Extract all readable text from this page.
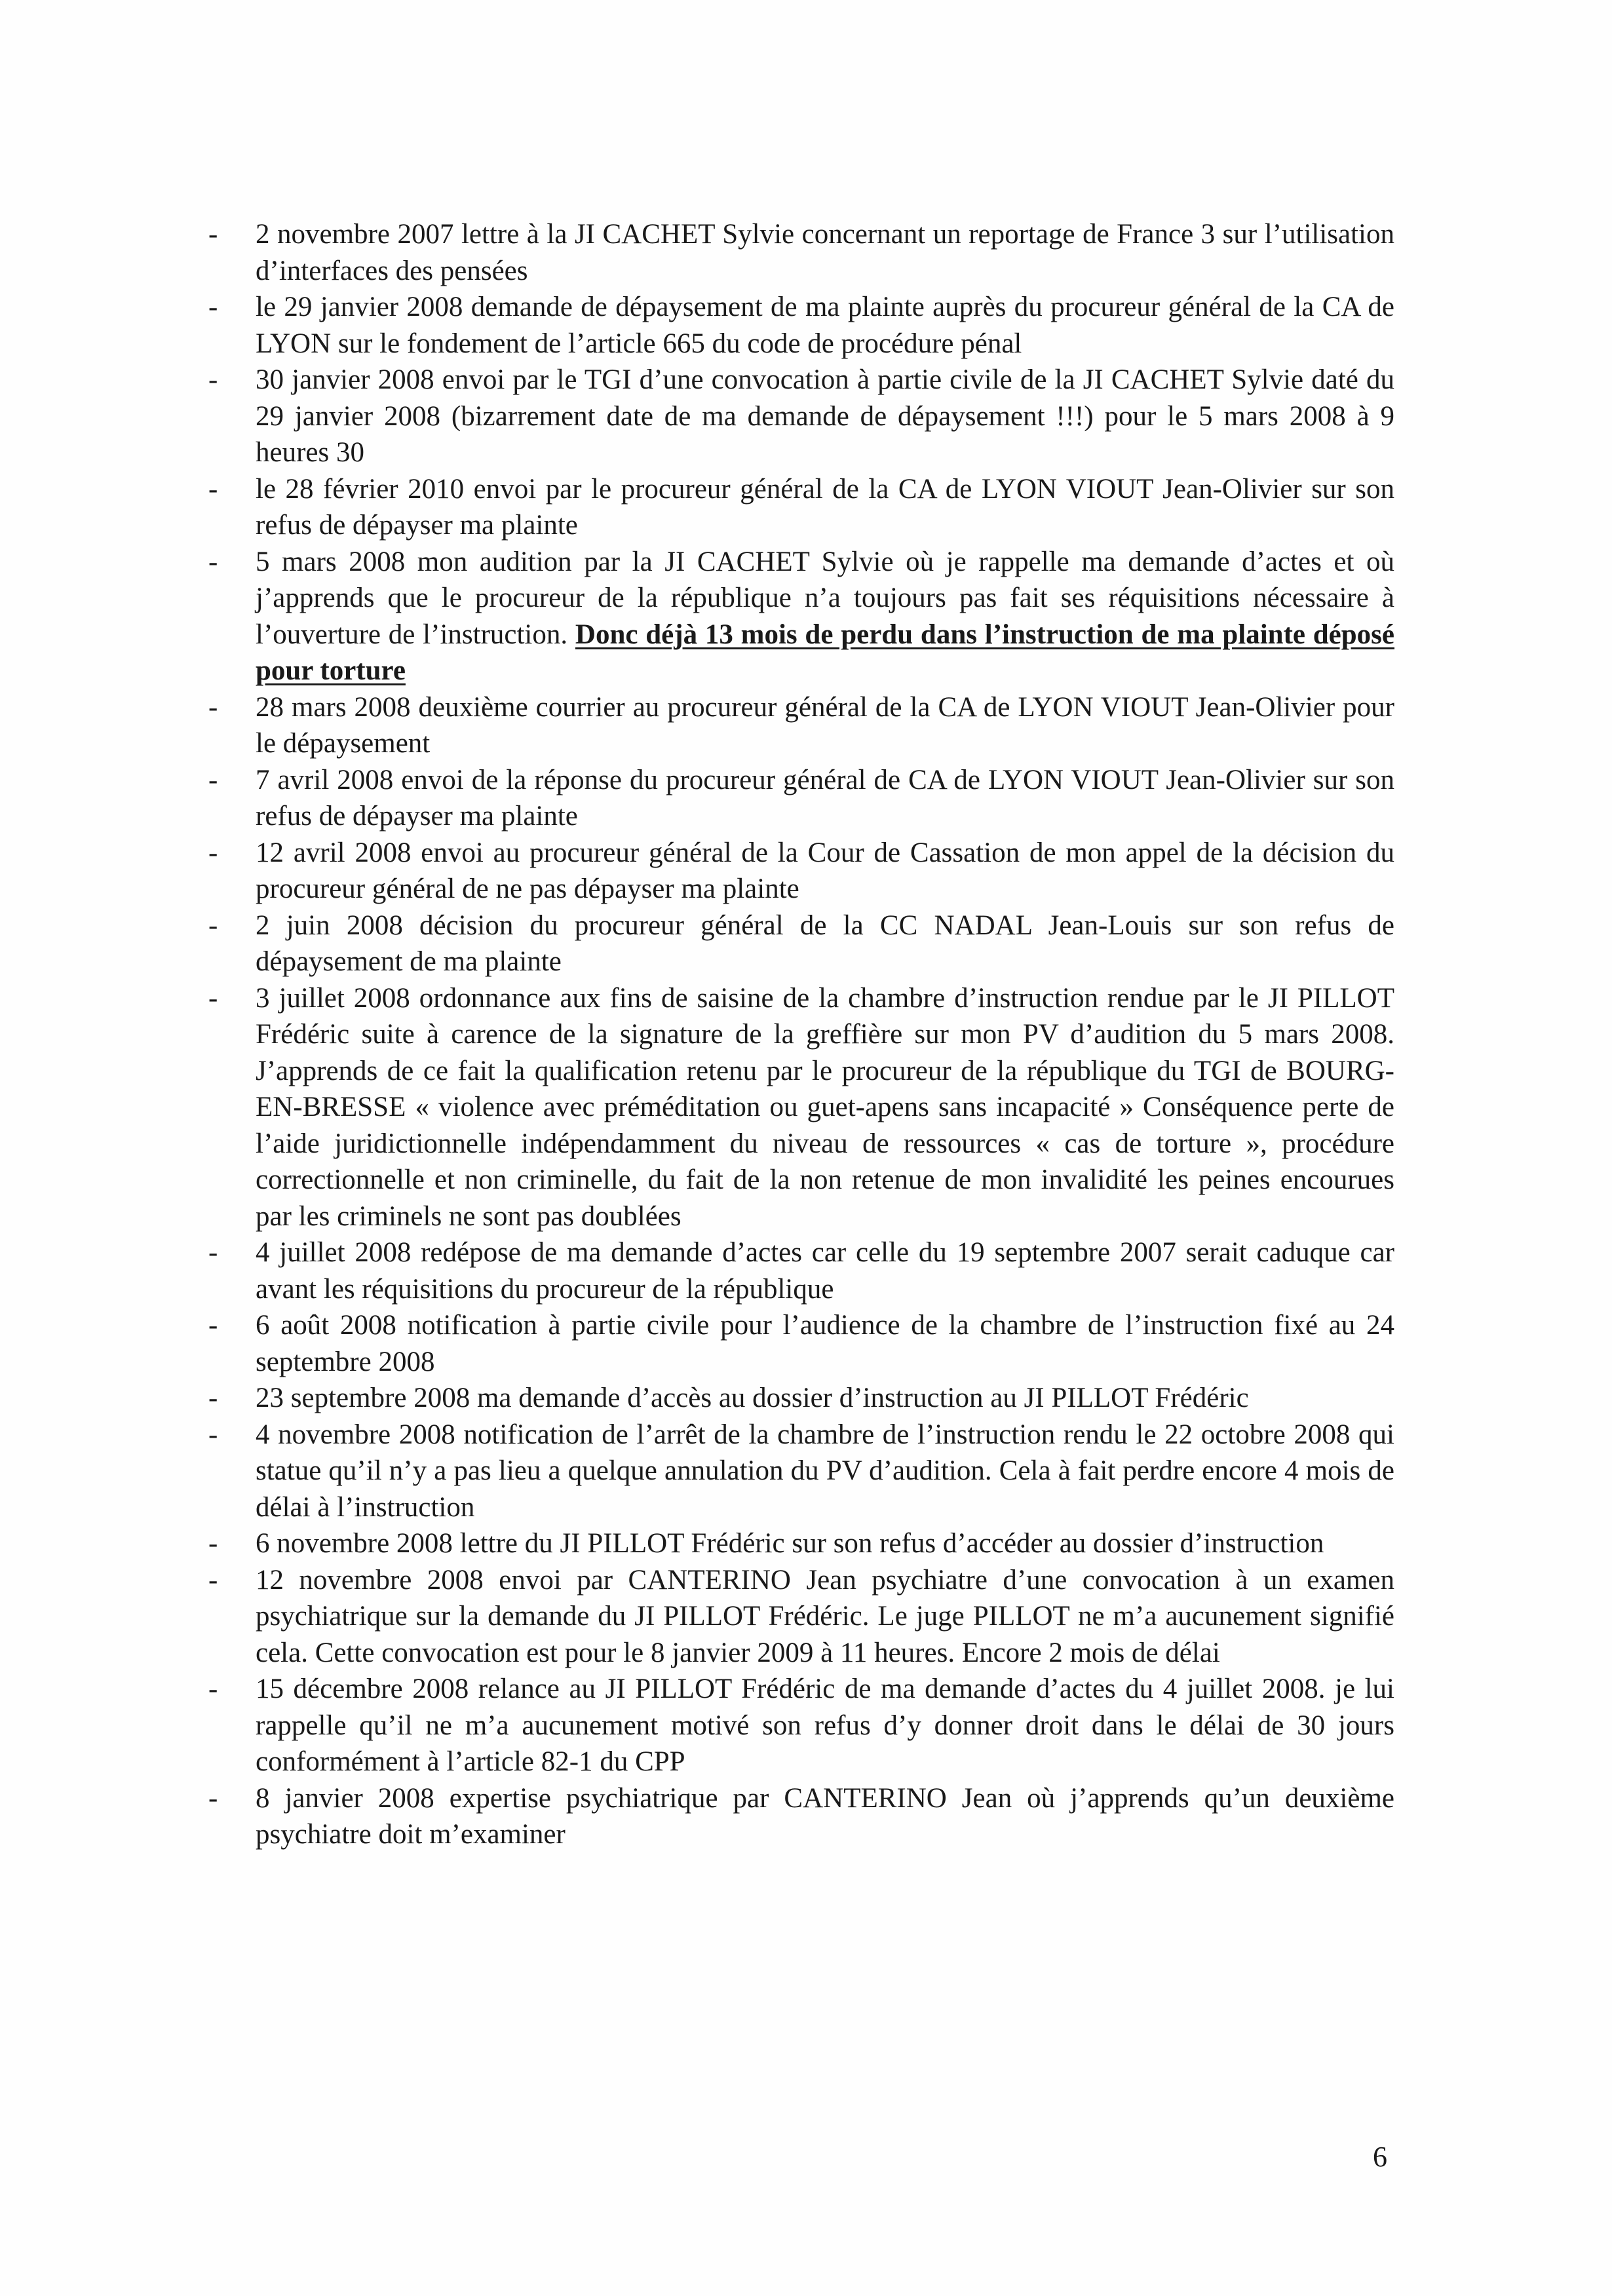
-	2 novembre 2007 lettre à la JI CACHET Sylvie concernant un reportage de France 3 sur l’utilisation d’interfaces des pensées
-	le 29 janvier 2008 demande de dépaysement de ma plainte auprès du procureur général de la CA de LYON sur le fondement de l’article 665 du code de procédure pénal
-	30 janvier 2008 envoi par le TGI d’une convocation à partie civile de la JI CACHET Sylvie daté du 29 janvier 2008 (bizarrement date de ma demande de dépaysement !!!) pour le 5 mars 2008 à 9 heures 30
-	le 28 février 2010 envoi par le procureur général de la CA de LYON VIOUT Jean-Olivier sur son refus de dépayser ma plainte
-	5 mars 2008 mon audition par la JI CACHET Sylvie où je rappelle ma demande d’actes et où j’apprends que le procureur de la république n’a toujours pas fait ses réquisitions nécessaire à l’ouverture de l’instruction. Donc déjà 13 mois de perdu dans l’instruction de ma plainte déposé pour torture
-	28 mars 2008 deuxième courrier au procureur général de la CA de LYON VIOUT Jean-Olivier pour le dépaysement
-	7 avril 2008 envoi de la réponse du procureur général de CA de LYON VIOUT Jean-Olivier sur son refus de dépayser ma plainte
-	12 avril 2008 envoi au procureur général de la Cour de Cassation de mon appel de la décision du procureur général de ne pas dépayser ma plainte
-	2 juin 2008 décision du procureur général de la CC NADAL Jean-Louis sur son refus de dépaysement de ma plainte
-	3 juillet 2008 ordonnance aux fins de saisine de la chambre d’instruction rendue par le JI PILLOT Frédéric suite à carence de la signature de la greffière sur mon PV d’audition du 5 mars 2008. J’apprends de ce fait la qualification retenu par le procureur de la république du TGI de BOURG-EN-BRESSE « violence avec préméditation ou guet-apens sans incapacité » Conséquence perte de l’aide juridictionnelle indépendamment du niveau de ressources « cas de torture », procédure correctionnelle et non criminelle, du fait de la non retenue de mon invalidité les peines encourues par les criminels ne sont pas doublées
-	4 juillet 2008 redépose de ma demande d’actes car celle du 19 septembre 2007 serait caduque car avant les réquisitions du procureur de la république
-	6 août 2008 notification à partie civile pour l’audience de la chambre de l’instruction fixé au 24 septembre 2008
-	23 septembre 2008 ma demande d’accès au dossier d’instruction au JI PILLOT Frédéric
-	4 novembre 2008 notification de l’arrêt de la chambre de l’instruction rendu le 22 octobre 2008 qui statue qu’il n’y a pas lieu a quelque annulation du PV d’audition. Cela à fait perdre encore 4 mois de délai à l’instruction
-	6 novembre 2008 lettre du JI PILLOT Frédéric sur son refus d’accéder au dossier d’instruction
-	12 novembre 2008 envoi par CANTERINO Jean psychiatre d’une convocation à un examen psychiatrique sur la demande du JI PILLOT Frédéric. Le juge PILLOT ne m’a aucunement signifié cela. Cette convocation est pour le 8 janvier 2009 à 11 heures. Encore 2 mois de délai
-	15 décembre 2008 relance au JI PILLOT Frédéric de ma demande d’actes du 4 juillet 2008. je lui rappelle qu’il ne m’a aucunement motivé son refus d’y donner droit dans le délai de 30 jours conformément à l’article 82-1 du CPP
-	8 janvier 2008 expertise psychiatrique par CANTERINO Jean où j’apprends qu’un deuxième psychiatre doit m’examiner
6
